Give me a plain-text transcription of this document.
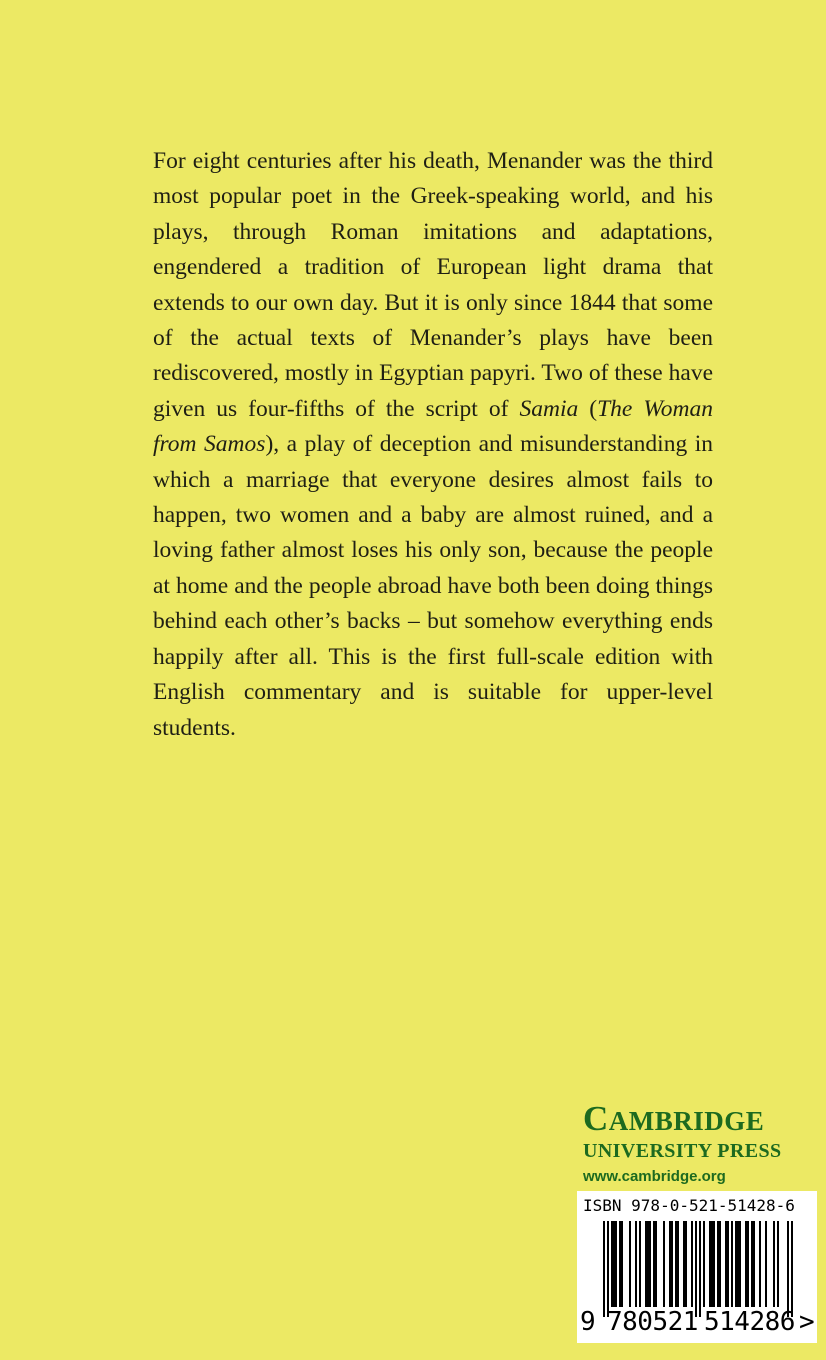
For eight centuries after his death, Menander was the third most popular poet in the Greek-speaking world, and his plays, through Roman imitations and adaptations, engendered a tradition of European light drama that extends to our own day. But it is only since 1844 that some of the actual texts of Menander’s plays have been rediscovered, mostly in Egyptian papyri. Two of these have given us four-fifths of the script of Samia (The Woman from Samos), a play of deception and misunderstanding in which a marriage that everyone desires almost fails to happen, two women and a baby are almost ruined, and a loving father almost loses his only son, because the people at home and the people abroad have both been doing things behind each other’s backs – but somehow everything ends happily after all. This is the first full-scale edition with English commentary and is suitable for upper-level students.

CAMBRIDGE
UNIVERSITY PRESS
www.cambridge.org
ISBN 978-0-521-51428-6
9 780521 514286 >
